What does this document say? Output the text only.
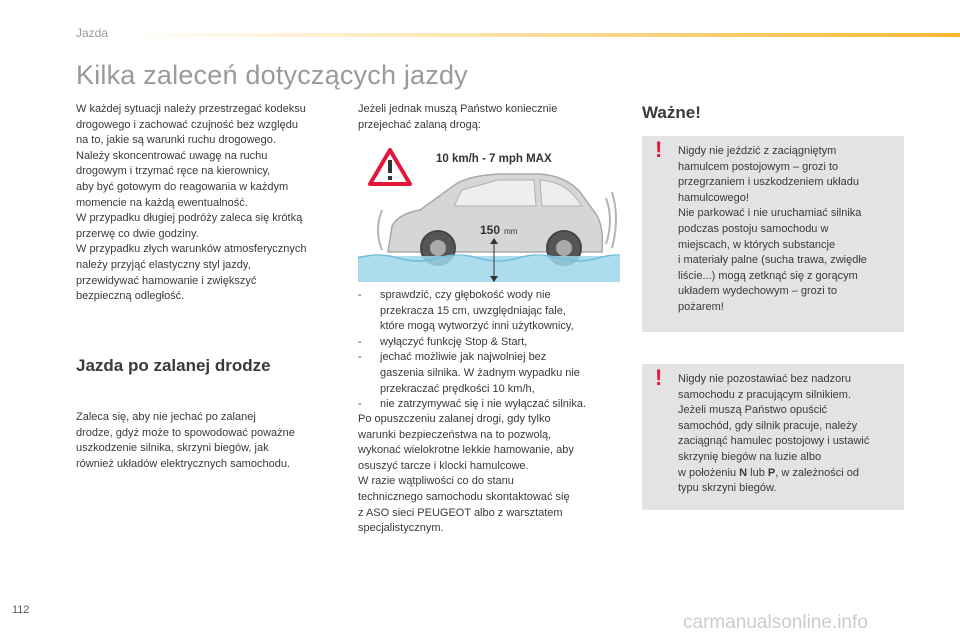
Jazda
Kilka zaleceń dotyczących jazdy

W każdej sytuacji należy przestrzegać kodeksu

drogowego i zachować czujność bez względu

na to, jakie są warunki ruchu drogowego.

Należy skoncentrować uwagę na ruchu

drogowym i trzymać ręce na kierownicy,

aby być gotowym do reagowania w każdym

momencie na każdą ewentualność.

W przypadku długiej podróży zaleca się krótką

przerwę co dwie godziny.

W przypadku złych warunków atmosferycznych

należy przyjąć elastyczny styl jazdy,

przewidywać hamowanie i zwiększyć

bezpieczną odległość.

Jazda po zalanej drodze

Zaleca się, aby nie jechać po zalanej

drodze, gdyż może to spowodować poważne

uszkodzenie silnika, skrzyni biegów, jak

również układów elektrycznych samochodu.

Jeżeli jednak muszą Państwo koniecznie

przejechać zalaną drogą:

10 km/h - 7 mph MAX
150 mm
- sprawdzić, czy głębokość wody nie

przekracza 15 cm, uwzględniając fale,

które mogą wytworzyć inni użytkownicy,

- wyłączyć funkcję Stop & Start,

- jechać możliwie jak najwolniej bez

gaszenia silnika. W żadnym wypadku nie

przekraczać prędkości 10 km/h,

- nie zatrzymywać się i nie wyłączać silnika.

Po opuszczeniu zalanej drogi, gdy tylko

warunki bezpieczeństwa na to pozwolą,

wykonać wielokrotne lekkie hamowanie, aby

osuszyć tarcze i klocki hamulcowe.

W razie wątpliwości co do stanu

technicznego samochodu skontaktować się

z ASO sieci PEUGEOT albo z warsztatem

specjalistycznym.

Ważne!
! Nigdy nie jeździć z zaciągniętym

hamulcem postojowym – grozi to

przegrzaniem i uszkodzeniem układu

hamulcowego!

Nie parkować i nie uruchamiać silnika

podczas postoju samochodu w

miejscach, w których substancje

i materiały palne (sucha trawa, zwiędłe

liście...) mogą zetknąć się z gorącym

układem wydechowym – grozi to

pożarem!

! Nigdy nie pozostawiać bez nadzoru

samochodu z pracującym silnikiem.

Jeżeli muszą Państwo opuścić

samochód, gdy silnik pracuje, należy

zaciągnąć hamulec postojowy i ustawić

skrzynię biegów na luzie albo

w położeniu N lub P, w zależności od

typu skrzyni biegów.

112
carmanualsonline.info
